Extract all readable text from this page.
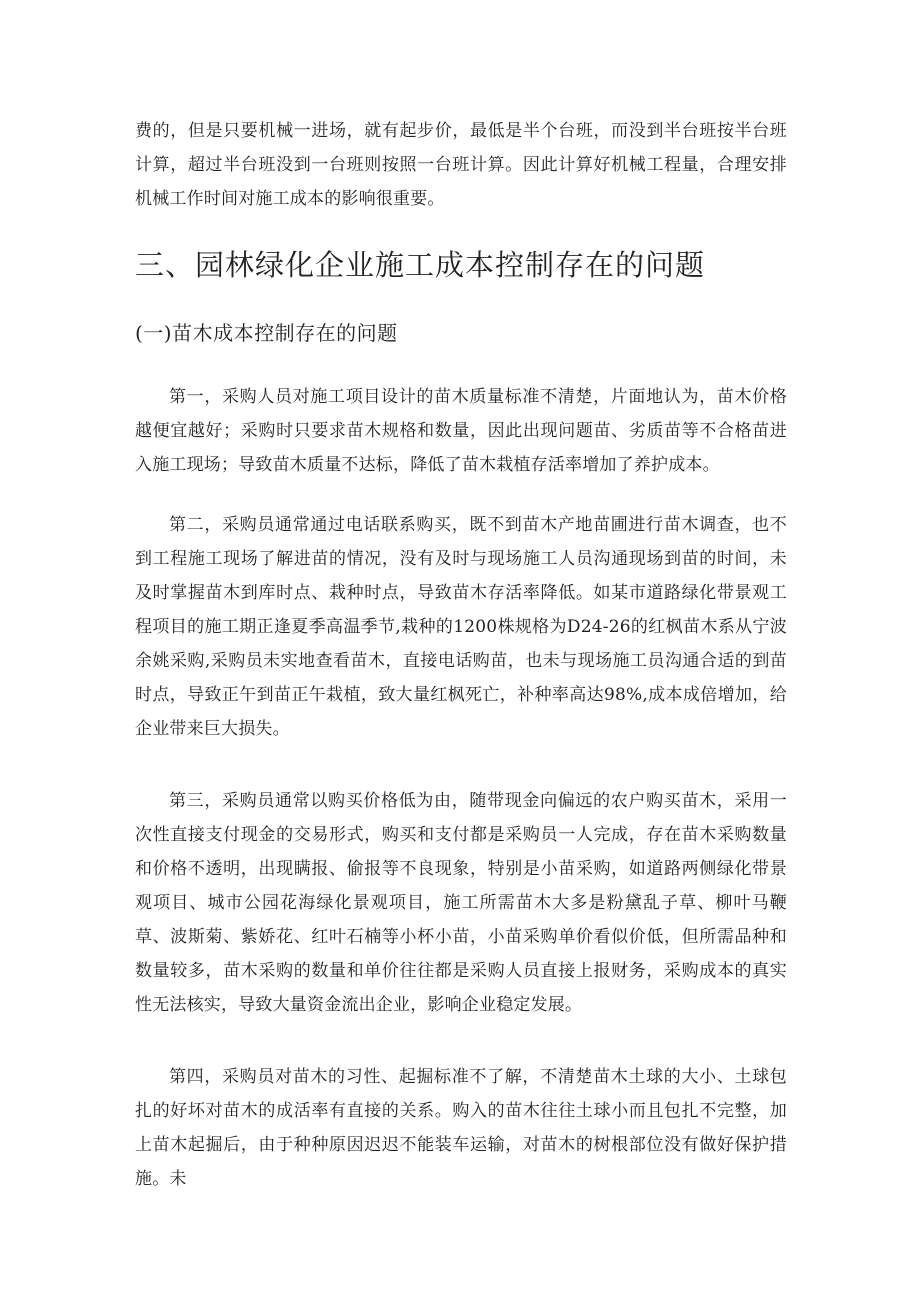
费的，但是只要机械一进场，就有起步价，最低是半个台班，而没到半台班按半台班计算，超过半台班没到一台班则按照一台班计算。因此计算好机械工程量，合理安排机械工作时间对施工成本的影响很重要。

三、园林绿化企业施工成本控制存在的问题
(一)苗木成本控制存在的问题

第一，采购人员对施工项目设计的苗木质量标准不清楚，片面地认为，苗木价格越便宜越好；采购时只要求苗木规格和数量，因此出现问题苗、劣质苗等不合格苗进入施工现场；导致苗木质量不达标，降低了苗木栽植存活率增加了养护成本。

第二，采购员通常通过电话联系购买，既不到苗木产地苗圃进行苗木调查，也不到工程施工现场了解进苗的情况，没有及时与现场施工人员沟通现场到苗的时间，未及时掌握苗木到库时点、栽种时点，导致苗木存活率降低。如某市道路绿化带景观工程项目的施工期正逢夏季高温季节,栽种的1200株规格为D24-26的红枫苗木系从宁波余姚采购,采购员未实地查看苗木，直接电话购苗，也未与现场施工员沟通合适的到苗时点，导致正午到苗正午栽植，致大量红枫死亡，补种率高达98%,成本成倍增加，给企业带来巨大损失。

第三，采购员通常以购买价格低为由，随带现金向偏远的农户购买苗木，采用一次性直接支付现金的交易形式，购买和支付都是采购员一人完成，存在苗木采购数量和价格不透明，出现瞒报、偷报等不良现象，特别是小苗采购，如道路两侧绿化带景观项目、城市公园花海绿化景观项目，施工所需苗木大多是粉黛乱子草、柳叶马鞭草、波斯菊、紫娇花、红叶石楠等小杯小苗，小苗采购单价看似价低，但所需品种和数量较多，苗木采购的数量和单价往往都是采购人员直接上报财务，采购成本的真实性无法核实，导致大量资金流出企业，影响企业稳定发展。

第四，采购员对苗木的习性、起掘标准不了解，不清楚苗木土球的大小、土球包扎的好坏对苗木的成活率有直接的关系。购入的苗木往往土球小而且包扎不完整，加上苗木起掘后，由于种种原因迟迟不能装车运输，对苗木的树根部位没有做好保护措施。未
